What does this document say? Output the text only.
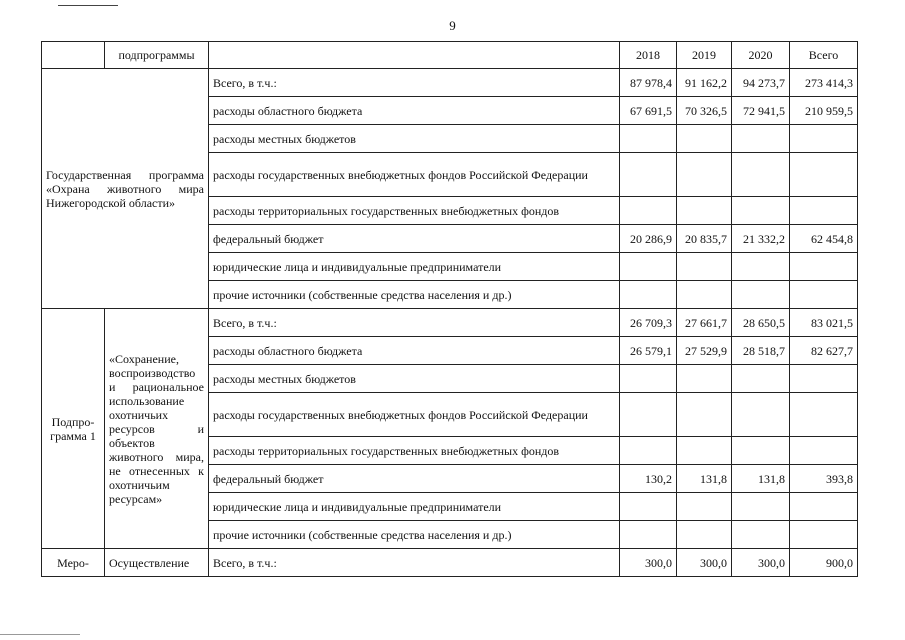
9
	подпрограммы		2018	2019	2020	Всего
Государственная программа «Охрана животного мира Нижегородской области»		Всего, в т.ч.:	87 978,4	91 162,2	94 273,7	273 414,3
		расходы областного бюджета	67 691,5	70 326,5	72 941,5	210 959,5
		расходы местных бюджетов				
		расходы государственных внебюджетных фондов Российской Федерации				
		расходы территориальных государственных внебюджетных фондов				
		федеральный бюджет	20 286,9	20 835,7	21 332,2	62 454,8
		юридические лица и индивидуальные предприниматели				
		прочие источники (собственные средства населения и др.)				
Подпро-грамма 1	«Сохранение, воспроизводство и рациональное использование охотничьих ресурсов и объектов животного мира, не отнесенных к охотничьим ресурсам»	Всего, в т.ч.:	26 709,3	27 661,7	28 650,5	83 021,5
		расходы областного бюджета	26 579,1	27 529,9	28 518,7	82 627,7
		расходы местных бюджетов				
		расходы государственных внебюджетных фондов Российской Федерации				
		расходы территориальных государственных внебюджетных фондов				
		федеральный бюджет	130,2	131,8	131,8	393,8
		юридические лица и индивидуальные предприниматели				
		прочие источники (собственные средства населения и др.)				
Меро-	Осуществление	Всего, в т.ч.:	300,0	300,0	300,0	900,0
